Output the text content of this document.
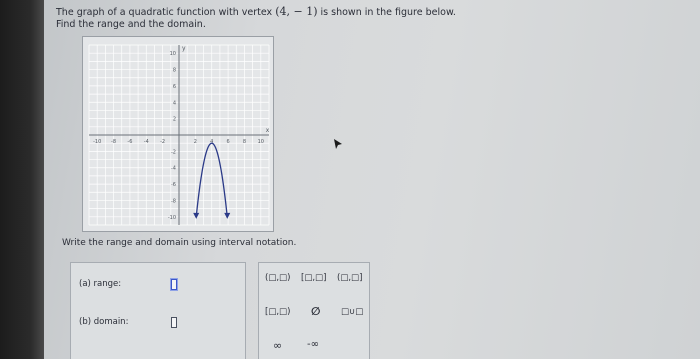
The graph of a quadratic function with vertex (4, − 1) is shown in the figure below.
Find the range and the domain.
-10 -8 -6 -4 -2	2	4	6	8 10
10
8
6
4
2
-2
-4
-6
-8
-10
x
y
Write the range and domain using interval notation.
(a) range:
(b) domain:
(□,□) [□,□] (□,□]
[□,□) ∅ □∪□
∞ -∞
